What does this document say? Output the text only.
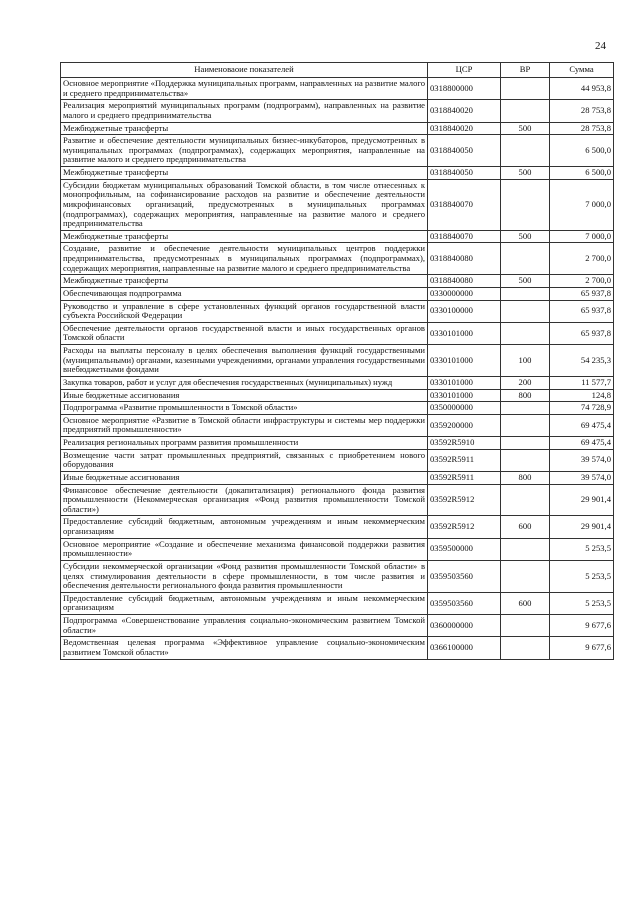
24
Наименоваоие показателей	ЦСР	ВР	Сумма
Основное мероприятие «Поддержка муниципальных программ, направленных на развитие малого и среднего предпринимательства»	0318800000		44 953,8
Реализация мероприятий муниципальных программ (подпрограмм), направленных на развитие малого и среднего предпринимательства	0318840020		28 753,8
Межбюджетные трансферты	0318840020	500	28 753,8
Развитие и обеспечение деятельности муниципальных бизнес-инкубаторов, предусмотренных в муниципальных программах (подпрограммах), содержащих мероприятия, направленные на развитие малого и среднего предпринимательства	0318840050		6 500,0
Межбюджетные трансферты	0318840050	500	6 500,0
Субсидии бюджетам муниципальных образований Томской области, в том числе отнесенных к монопрофильным, на софинансирование расходов на развитие и обеспечение деятельности микрофинансовых организаций, предусмотренных в муниципальных программах (подпрограммах), содержащих мероприятия, направленные на развитие малого и среднего предпринимательства	0318840070		7 000,0
Межбюджетные трансферты	0318840070	500	7 000,0
Создание, развитие и обеспечение деятельности муниципальных центров поддержки предпринимательства, предусмотренных в муниципальных программах (подпрограммах), содержащих мероприятия, направленные на развитие малого и среднего предпринимательства	0318840080		2 700,0
Межбюджетные трансферты	0318840080	500	2 700,0
Обеспечивающая подпрограмма	0330000000		65 937,8
Руководство и управление в сфере установленных функций органов государственной власти субъекта Российской Федерации	0330100000		65 937,8
Обеспечение деятельности органов государственной власти и иных государственных органов Томской области	0330101000		65 937,8
Расходы на выплаты персоналу в целях обеспечения выполнения функций государственными (муниципальными) органами, казенными учреждениями, органами управления государственными внебюджетными фондами	0330101000	100	54 235,3
Закупка товаров, работ и услуг для обеспечения государственных (муниципальных) нужд	0330101000	200	11 577,7
Иные бюджетные ассигнования	0330101000	800	124,8
Подпрограмма «Развитие промышленности в Томской области»	0350000000		74 728,9
Основное мероприятие «Развитие в Томской области инфраструктуры и системы мер поддержки предприятий промышленности»	0359200000		69 475,4
Реализация региональных программ развития промышленности	03592R5910		69 475,4
Возмещение части затрат промышленных предприятий, связанных с приобретением нового оборудования	03592R5911		39 574,0
Иные бюджетные ассигнования	03592R5911	800	39 574,0
Финансовое обеспечение деятельности (докапитализация) регионального фонда развития промышленности (Некоммерческая организация «Фонд развития промышленности Томской области»)	03592R5912		29 901,4
Предоставление субсидий бюджетным, автономным учреждениям и иным некоммерческим организациям	03592R5912	600	29 901,4
Основное мероприятие «Создание и обеспечение механизма финансовой поддержки развития промышленности»	0359500000		5 253,5
Субсидии некоммерческой организации «Фонд развития промышленности Томской области» в целях стимулирования деятельности в сфере промышленности, в том числе развития и обеспечения деятельности регионального фонда развития промышленности	0359503560		5 253,5
Предоставление субсидий бюджетным, автономным учреждениям и иным некоммерческим организациям	0359503560	600	5 253,5
Подпрограмма «Совершенствование управления социально-экономическим развитием Томской области»	0360000000		9 677,6
Ведомственная целевая программа «Эффективное управление социально-экономическим развитием Томской области»	0366100000		9 677,6
